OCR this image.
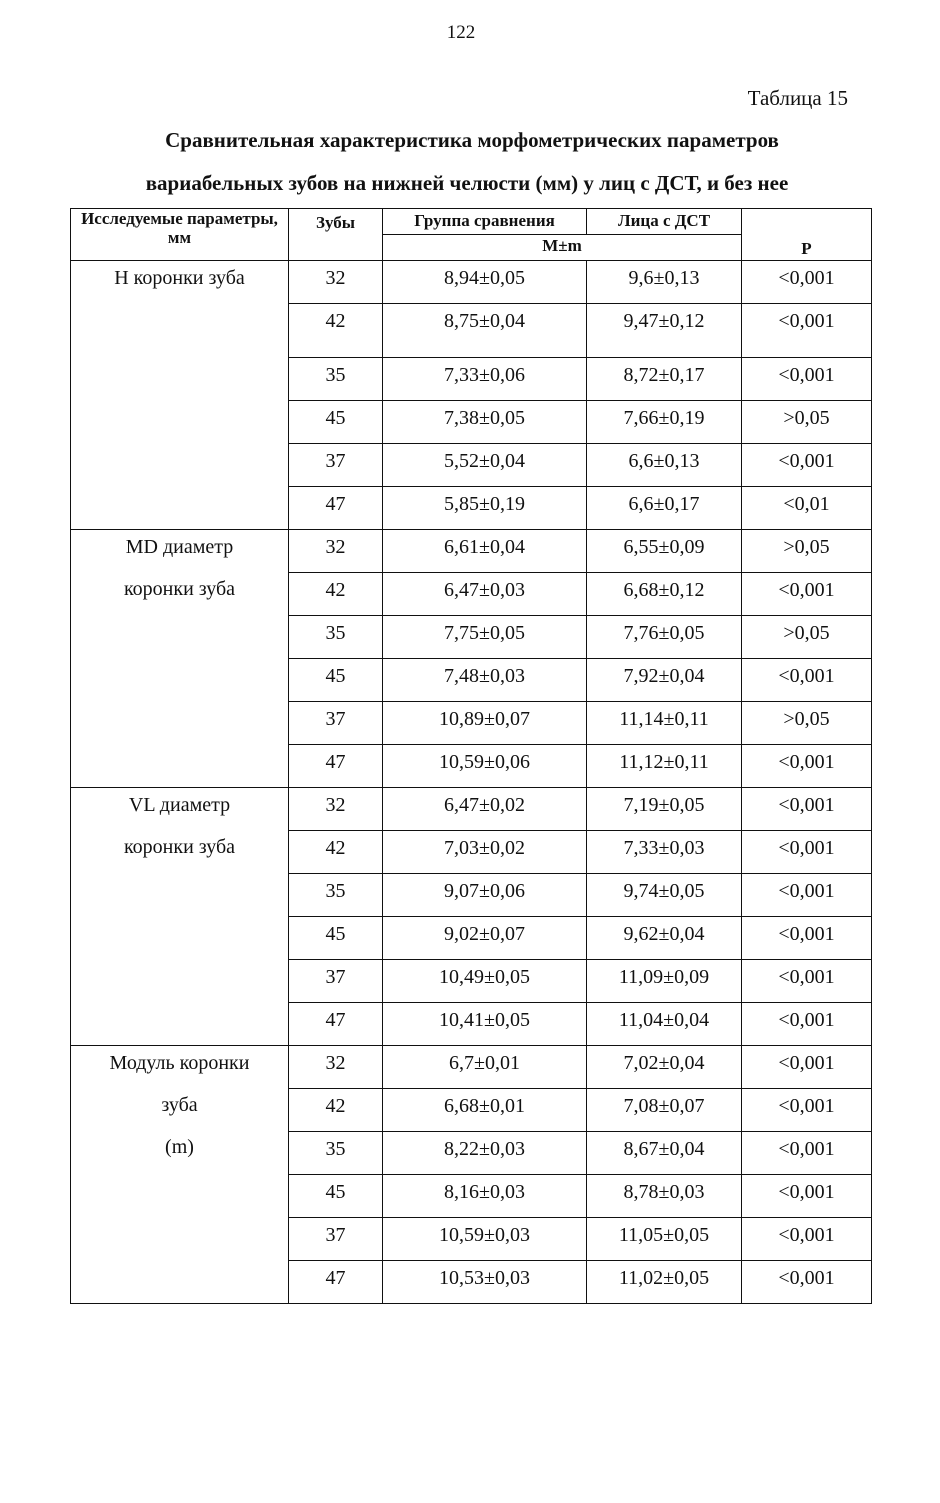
122
Таблица 15
Сравнительная характеристика морфометрических параметров
вариабельных зубов на нижней челюсти (мм) у лиц с ДСТ, и без нее
Исследуемые параметры, мм	Зубы	Группа сравнения	Лица с ДСТ	P
		M±m		

Н коронки зуба	32	8,94±0,05	9,6±0,13	<0,001
	42	8,75±0,04	9,47±0,12	<0,001
	35	7,33±0,06	8,72±0,17	<0,001
	45	7,38±0,05	7,66±0,19	>0,05
	37	5,52±0,04	6,6±0,13	<0,001
	47	5,85±0,19	6,6±0,17	<0,01

МD диаметр
коронки зуба	32	6,61±0,04	6,55±0,09	>0,05
	42	6,47±0,03	6,68±0,12	<0,001
	35	7,75±0,05	7,76±0,05	>0,05
	45	7,48±0,03	7,92±0,04	<0,001
	37	10,89±0,07	11,14±0,11	>0,05
	47	10,59±0,06	11,12±0,11	<0,001

VL диаметр
коронки зуба	32	6,47±0,02	7,19±0,05	<0,001
	42	7,03±0,02	7,33±0,03	<0,001
	35	9,07±0,06	9,74±0,05	<0,001
	45	9,02±0,07	9,62±0,04	<0,001
	37	10,49±0,05	11,09±0,09	<0,001
	47	10,41±0,05	11,04±0,04	<0,001

Модуль коронки
зуба
(m)	32	6,7±0,01	7,02±0,04	<0,001
	42	6,68±0,01	7,08±0,07	<0,001
	35	8,22±0,03	8,67±0,04	<0,001
	45	8,16±0,03	8,78±0,03	<0,001
	37	10,59±0,03	11,05±0,05	<0,001
	47	10,53±0,03	11,02±0,05	<0,001
